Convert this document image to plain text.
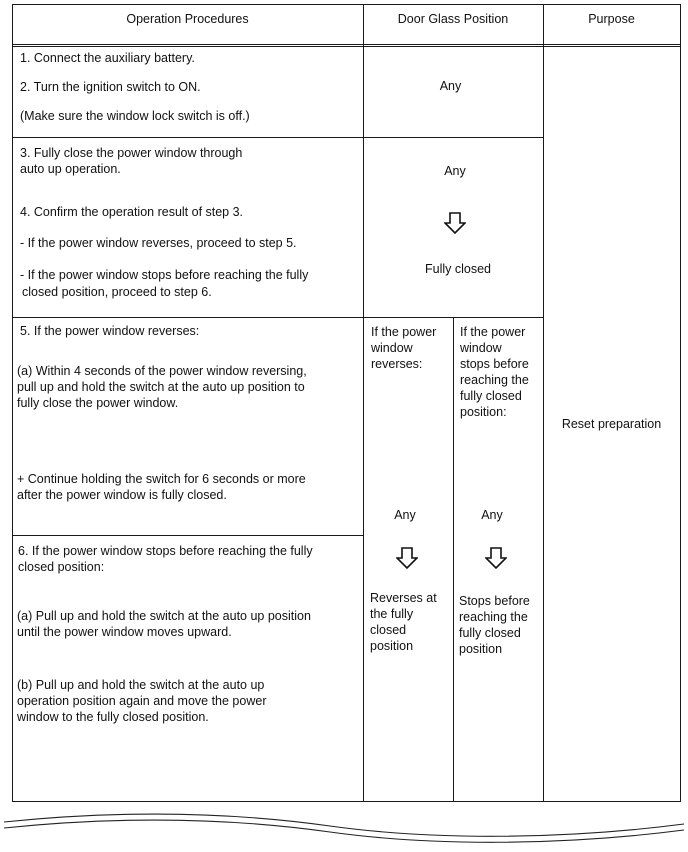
Operation Procedures	Door Glass Position	Purpose
1. Connect the auxiliary battery.
2. Turn the ignition switch to ON.
(Make sure the window lock switch is off.)
Any
3. Fully close the power window through
auto up operation.
4. Confirm the operation result of step 3.
- If the power window reverses, proceed to step 5.
- If the power window stops before reaching the fully
closed position, proceed to step 6.
Any
Fully closed
5. If the power window reverses:
(a) Within 4 seconds of the power window reversing,
pull up and hold the switch at the auto up position to
fully close the power window.
+ Continue holding the switch for 6 seconds or more
after the power window is fully closed.
6. If the power window stops before reaching the fully
closed position:
(a) Pull up and hold the switch at the auto up position
until the power window moves upward.
(b) Pull up and hold the switch at the auto up
operation position again and move the power
window to the fully closed position.
If the power
window
reverses:
Any
Reverses at
the fully
closed
position
If the power
window
stops before
reaching the
fully closed
position:
Any
Stops before
reaching the
fully closed
position
Reset preparation
